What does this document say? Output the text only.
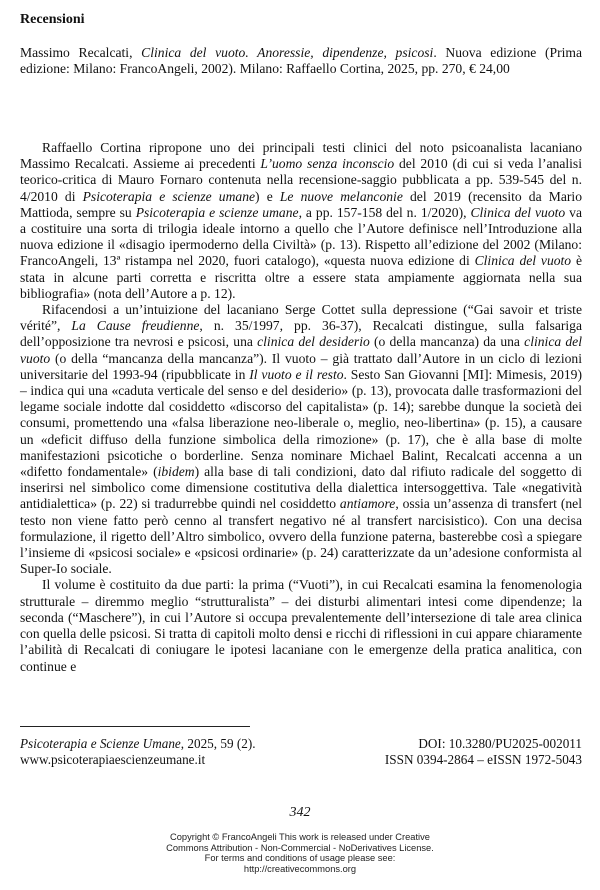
Recensioni
Massimo Recalcati, Clinica del vuoto. Anoressie, dipendenze, psicosi. Nuova edizione (Prima edizione: Milano: FrancoAngeli, 2002). Milano: Raffaello Cortina, 2025, pp. 270, € 24,00

Raffaello Cortina ripropone uno dei principali testi clinici del noto psicoanalista lacaniano Massimo Recalcati. Assieme ai precedenti L’uomo senza inconscio del 2010 (di cui si veda l’analisi teorico-critica di Mauro Fornaro contenuta nella recensione-saggio pubblicata a pp. 539-545 del n. 4/2010 di Psicoterapia e scienze umane) e Le nuove melanconie del 2019 (recensito da Mario Mattioda, sempre su Psicoterapia e scienze umane, a pp. 157-158 del n. 1/2020), Clinica del vuoto va a costituire una sorta di trilogia ideale intorno a quello che l’Autore definisce nell’Introduzione alla nuova edizione il «disagio ipermoderno della Civiltà» (p. 13). Rispetto all’edizione del 2002 (Milano: FrancoAngeli, 13ª ristampa nel 2020, fuori catalogo), «questa nuova edizione di Clinica del vuoto è stata in alcune parti corretta e riscritta oltre a essere stata ampiamente aggiornata nella sua bibliografia» (nota dell’Autore a p. 12).

Rifacendosi a un’intuizione del lacaniano Serge Cottet sulla depressione (“Gai savoir et triste vérité”, La Cause freudienne, n. 35/1997, pp. 36-37), Recalcati distingue, sulla falsariga dell’opposizione tra nevrosi e psicosi, una clinica del desiderio (o della mancanza) da una clinica del vuoto (o della “mancanza della mancanza”). Il vuoto – già trattato dall’Autore in un ciclo di lezioni universitarie del 1993-94 (ripubblicate in Il vuoto e il resto. Sesto San Giovanni [MI]: Mimesis, 2019) – indica qui una «caduta verticale del senso e del desiderio» (p. 13), provocata dalle trasformazioni del legame sociale indotte dal cosiddetto «discorso del capitalista» (p. 14); sarebbe dunque la società dei consumi, promettendo una «falsa liberazione neo-liberale o, meglio, neo-libertina» (p. 15), a causare un «deficit diffuso della funzione simbolica della rimozione» (p. 17), che è alla base di molte manifestazioni psicotiche o borderline. Senza nominare Michael Balint, Recalcati accenna a un «difetto fondamentale» (ibidem) alla base di tali condizioni, dato dal rifiuto radicale del soggetto di inserirsi nel simbolico come dimensione costitutiva della dialettica intersoggettiva. Tale «negatività antidialettica» (p. 22) si tradurrebbe quindi nel cosiddetto antiamore, ossia un’assenza di transfert (nel testo non viene fatto però cenno al transfert negativo né al transfert narcisistico). Con una decisa formulazione, il rigetto dell’Altro simbolico, ovvero della funzione paterna, basterebbe così a spiegare l’insieme di «psicosi sociale» e «psicosi ordinarie» (p. 24) caratterizzate da un’adesione conformista al Super-Io sociale.

Il volume è costituito da due parti: la prima (“Vuoti”), in cui Recalcati esamina la fenomenologia strutturale – diremmo meglio “strutturalista” – dei disturbi alimentari intesi come dipendenze; la seconda (“Maschere”), in cui l’Autore si occupa prevalentemente dell’intersezione di tale area clinica con quella delle psicosi. Si tratta di capitoli molto densi e ricchi di riflessioni in cui appare chiaramente l’abilità di Recalcati di coniugare le ipotesi lacaniane con le emergenze della pratica analitica, con continue e

Psicoterapia e Scienze Umane, 2025, 59 (2).	DOI: 10.3280/PU2025-002011
www.psicoterapiaescienzeumane.it	ISSN 0394-2864 – eISSN 1972-5043
342
Copyright © FrancoAngeli This work is released under Creative
Commons Attribution - Non-Commercial - NoDerivatives License.
For terms and conditions of usage please see:
http://creativecommons.org
